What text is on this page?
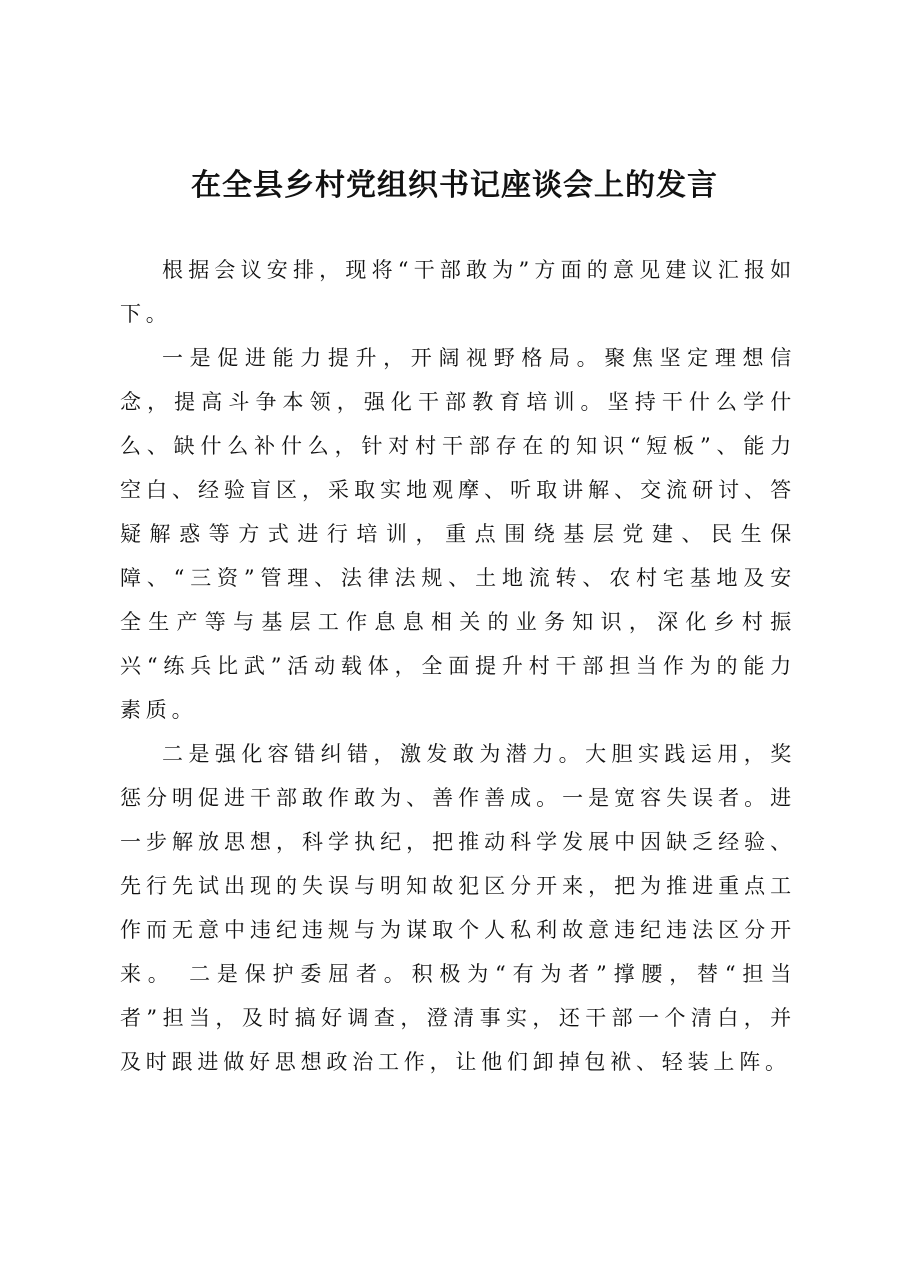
在全县乡村党组织书记座谈会上的发言

根据会议安排，现将“干部敢为”方面的意见建议汇报如下。

一是促进能力提升，开阔视野格局。聚焦坚定理想信念，提高斗争本领，强化干部教育培训。坚持干什么学什么、缺什么补什么，针对村干部存在的知识“短板”、能力空白、经验盲区，采取实地观摩、听取讲解、交流研讨、答疑解惑等方式进行培训，重点围绕基层党建、民生保障、“三资”管理、法律法规、土地流转、农村宅基地及安全生产等与基层工作息息相关的业务知识，深化乡村振兴“练兵比武”活动载体，全面提升村干部担当作为的能力素质。

二是强化容错纠错，激发敢为潜力。大胆实践运用，奖惩分明促进干部敢作敢为、善作善成。一是宽容失误者。进一步解放思想，科学执纪，把推动科学发展中因缺乏经验、先行先试出现的失误与明知故犯区分开来，把为推进重点工作而无意中违纪违规与为谋取个人私利故意违纪违法区分开来。 二是保护委屈者。积极为“有为者”撑腰，替“担当者”担当，及时搞好调查，澄清事实，还干部一个清白，并及时跟进做好思想政治工作，让他们卸掉包袱、轻装上阵。
